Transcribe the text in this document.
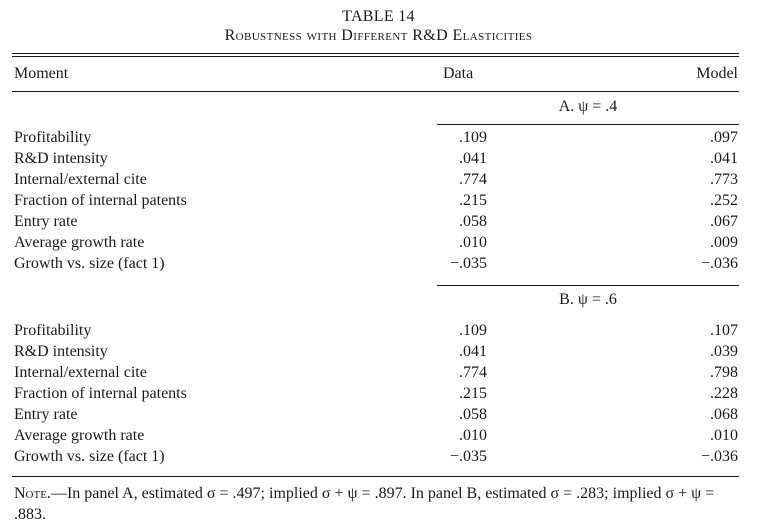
TABLE 14
Robustness with Different R&D Elasticities
Moment	Data	Model
A. ψ = .4
Profitability	.109	.097
R&D intensity	.041	.041
Internal/external cite	.774	.773
Fraction of internal patents	.215	.252
Entry rate	.058	.067
Average growth rate	.010	.009
Growth vs. size (fact 1)	−.035	−.036
B. ψ = .6
Profitability	.109	.107
R&D intensity	.041	.039
Internal/external cite	.774	.798
Fraction of internal patents	.215	.228
Entry rate	.058	.068
Average growth rate	.010	.010
Growth vs. size (fact 1)	−.035	−.036
Note.—In panel A, estimated σ = .497; implied σ + ψ = .897. In panel B, estimated σ = .283; implied σ + ψ = .883.
